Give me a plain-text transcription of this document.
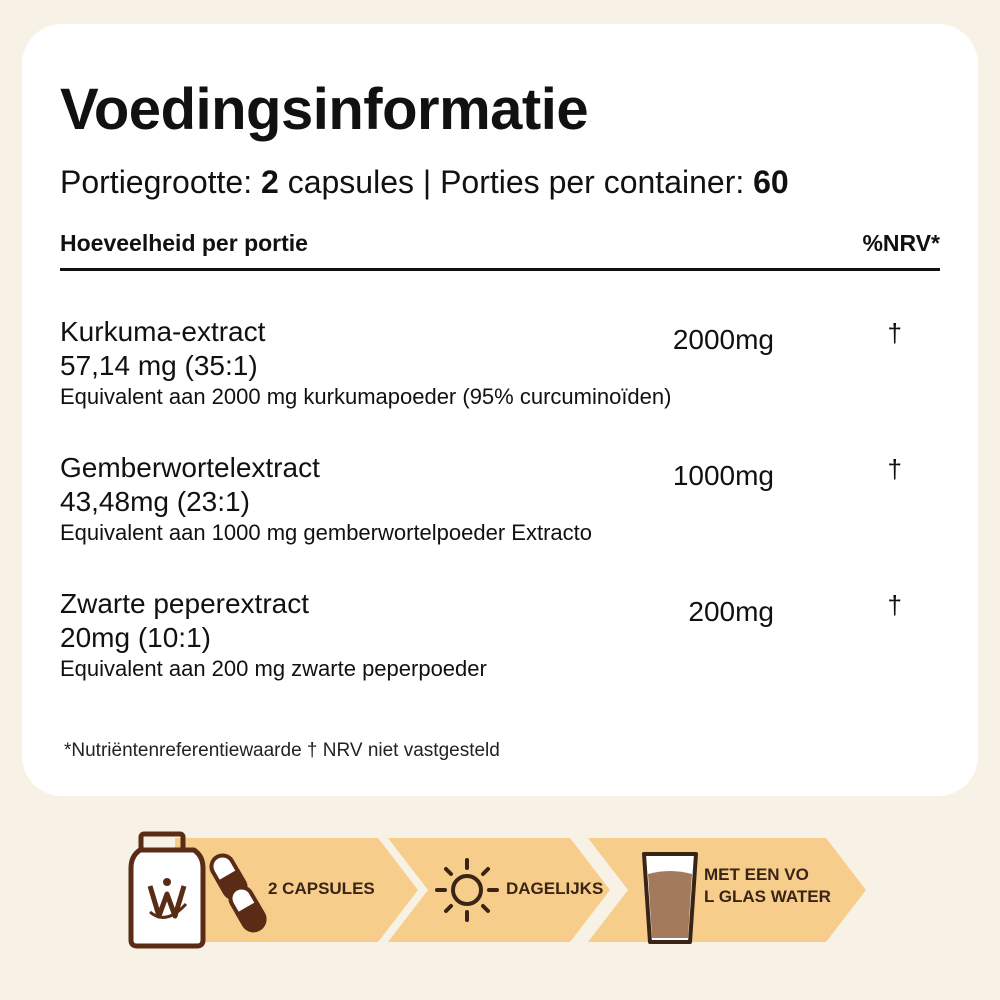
Voedingsinformatie
Portiegrootte: 2 capsules | Porties per container: 60
Hoeveelheid per portie	%NRV*
Kurkuma-extract
57,14 mg (35:1)
Equivalent aan 2000 mg kurkumapoeder (95% curcuminoïden)
2000mg	†
Gemberwortelextract
43,48mg (23:1)
Equivalent aan 1000 mg gemberwortelpoeder Extracto
1000mg	†
Zwarte peperextract
20mg (10:1)
Equivalent aan 200 mg zwarte peperpoeder
200mg	†
*Nutriëntenreferentiewaarde † NRV niet vastgesteld
2 CAPSULES	DAGELIJKS
MET EEN VO
L GLAS WATER
